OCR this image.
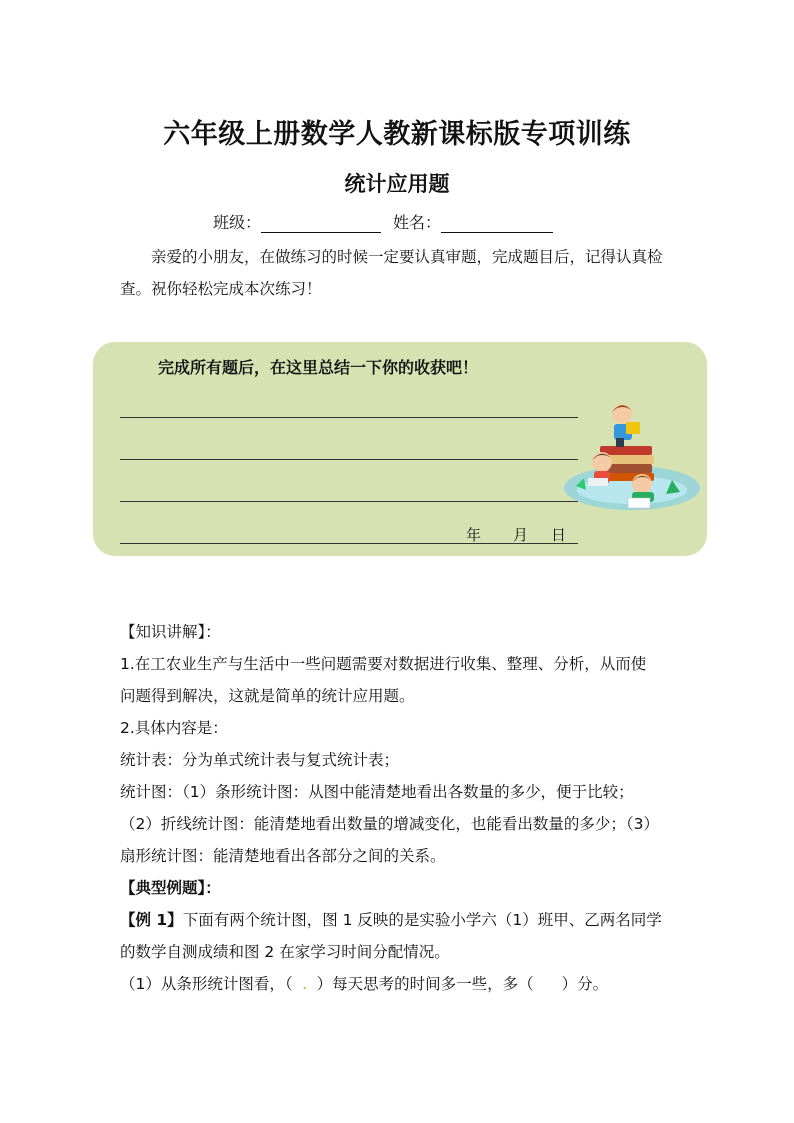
六年级上册数学人教新课标版专项训练
统计应用题
班级：	姓名：
亲爱的小朋友，在做练习的时候一定要认真审题，完成题目后，记得认真检
查。祝你轻松完成本次练习！
完成所有题后，在这里总结一下你的收获吧！
年 月 日
【知识讲解】：
1.在工农业生产与生活中一些问题需要对数据进行收集、整理、分析，从而使
问题得到解决，这就是简单的统计应用题。
2.具体内容是：
统计表：分为单式统计表与复式统计表；
统计图：（1）条形统计图：从图中能清楚地看出各数量的多少，便于比较；
（2）折线统计图：能清楚地看出数量的增减变化，也能看出数量的多少；（3）
扇形统计图：能清楚地看出各部分之间的关系。
【典型例题】：
【例 1】下面有两个统计图，图 1 反映的是实验小学六（1）班甲、乙两名同学
的数学自测成绩和图 2 在家学习时间分配情况。
（1）从条形统计图看，（ . ）每天思考的时间多一些，多（ ）分。
